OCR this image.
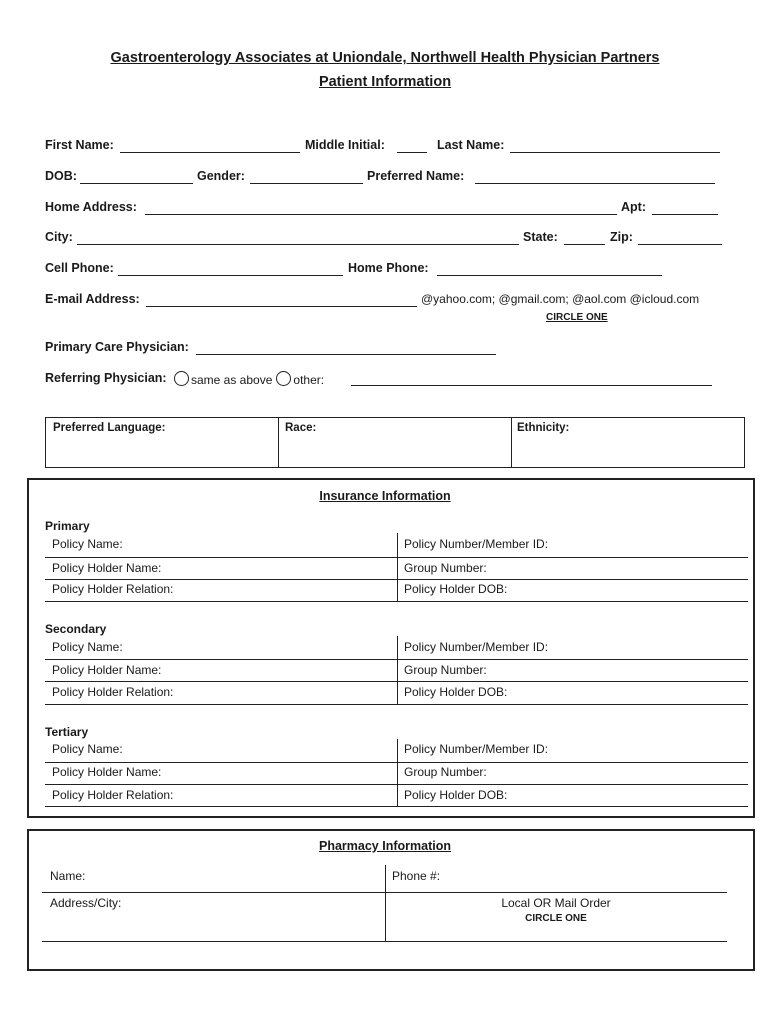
Gastroenterology Associates at Uniondale, Northwell Health Physician Partners
Patient Information
First Name:	Middle Initial:	Last Name:
DOB:	Gender:	Preferred Name:
Home Address:	Apt:
City:	State:	Zip:
Cell Phone:	Home Phone:
E-mail Address:	@yahoo.com; @gmail.com; @aol.com @icloud.com
CIRCLE ONE
Primary Care Physician:
Referring Physician:	same as above other:
Preferred Language:	Race:	Ethnicity:
Insurance Information
Primary
Policy Name:	Policy Number/Member ID:
Policy Holder Name:	Group Number:
Policy Holder Relation:	Policy Holder DOB:
Secondary
Policy Name:	Policy Number/Member ID:
Policy Holder Name:	Group Number:
Policy Holder Relation:	Policy Holder DOB:
Tertiary
Policy Name:	Policy Number/Member ID:
Policy Holder Name:	Group Number:
Policy Holder Relation:	Policy Holder DOB:
Pharmacy Information
Name:	Phone #:
Address/City:	Local OR Mail Order
CIRCLE ONE
